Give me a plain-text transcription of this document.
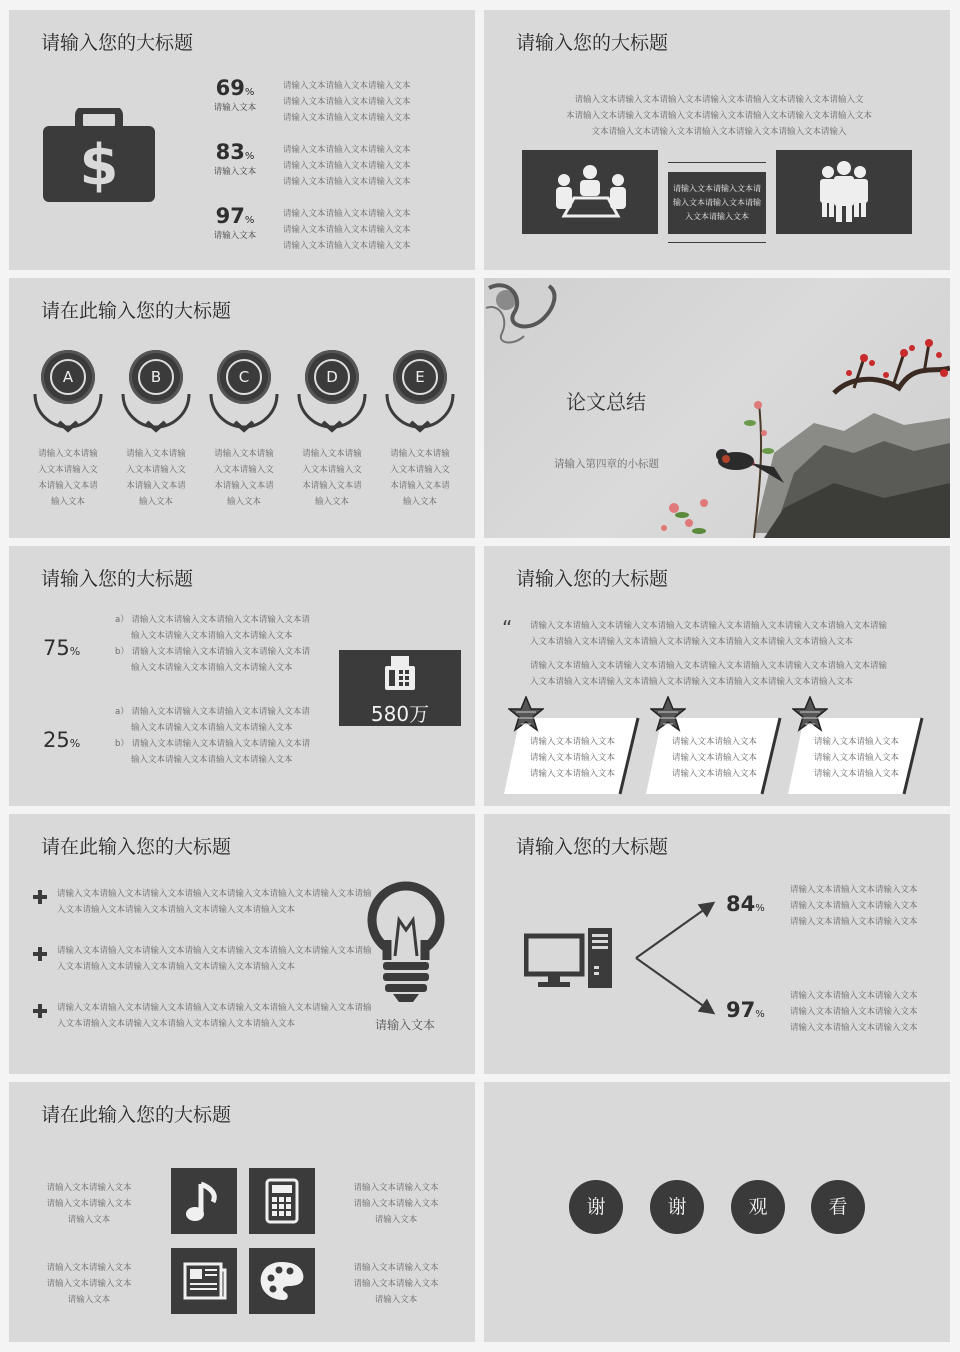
请输入您的大标题
$
69%
请输入文本
请输入文本请输入文本请输入文本
请输入文本请输入文本请输入文本
请输入文本请输入文本请输入文本
83%
请输入文本
请输入文本请输入文本请输入文本
请输入文本请输入文本请输入文本
请输入文本请输入文本请输入文本
97%
请输入文本
请输入文本请输入文本请输入文本
请输入文本请输入文本请输入文本
请输入文本请输入文本请输入文本
请输入您的大标题
请输入文本请输入文本请输入文本请输入文本请输入文本请输入文本请输入文
本请输入文本请输入文本请输入文本请输入文本请输入文本请输入文本请输入文本
文本请输入文本请输入文本请输入文本请输入文本请输入文本请输入
请输入文本请输入文本请
输入文本请输入文本请输
入文本请输入文本
请在此输入您的大标题
A
请输入文本请输
入文本请输入文
本请输入文本请
输入文本
B
请输入文本请输
入文本请输入文
本请输入文本请
输入文本
C
请输入文本请输
入文本请输入文
本请输入文本请
输入文本
D
请输入文本请输
入文本请输入文
本请输入文本请
输入文本
E
请输入文本请输
入文本请输入文
本请输入文本请
输入文本
论文总结
请输入第四章的小标题
请输入您的大标题
75%
a） 请输入文本请输入文本请输入文本请输入文本请
输入文本请输入文本请输入文本请输入文本
b） 请输入文本请输入文本请输入文本请输入文本请
输入文本请输入文本请输入文本请输入文本
25%
a） 请输入文本请输入文本请输入文本请输入文本请
输入文本请输入文本请输入文本请输入文本
b） 请输入文本请输入文本请输入文本请输入文本请
输入文本请输入文本请输入文本请输入文本
580万
请输入您的大标题
“ 请输入文本请输入文本请输入文本请输入文本请输入文本请输入文本请输入文本请输入文本请输
入文本请输入文本请输入文本请输入文本请输入文本请输入文本请输入文本请输入文本
请输入文本请输入文本请输入文本请输入文本请输入文本请输入文本请输入文本请输入文本请输
入文本请输入文本请输入文本请输入文本请输入文本请输入文本请输入文本请输入文本
请输入文本请输入文本
请输入文本请输入文本
请输入文本请输入文本
请输入文本请输入文本
请输入文本请输入文本
请输入文本请输入文本
请输入文本请输入文本
请输入文本请输入文本
请输入文本请输入文本
请在此输入您的大标题
请输入文本
请输入文本请输入文本请输入文本请输入文本请输入文本请输入文本请输入文本请输
入文本请输入文本请输入文本请输入文本请输入文本请输入文本
请输入文本请输入文本请输入文本请输入文本请输入文本请输入文本请输入文本请输
入文本请输入文本请输入文本请输入文本请输入文本请输入文本
请输入文本请输入文本请输入文本请输入文本请输入文本请输入文本请输入文本请输
入文本请输入文本请输入文本请输入文本请输入文本请输入文本
请输入您的大标题
84%
请输入文本请输入文本请输入文本
请输入文本请输入文本请输入文本
请输入文本请输入文本请输入文本
97%
请输入文本请输入文本请输入文本
请输入文本请输入文本请输入文本
请输入文本请输入文本请输入文本
请在此输入您的大标题
请输入文本请输入文本
请输入文本请输入文本
请输入文本
请输入文本请输入文本
请输入文本请输入文本
请输入文本
请输入文本请输入文本
请输入文本请输入文本
请输入文本
请输入文本请输入文本
请输入文本请输入文本
请输入文本
谢	谢	观	看
